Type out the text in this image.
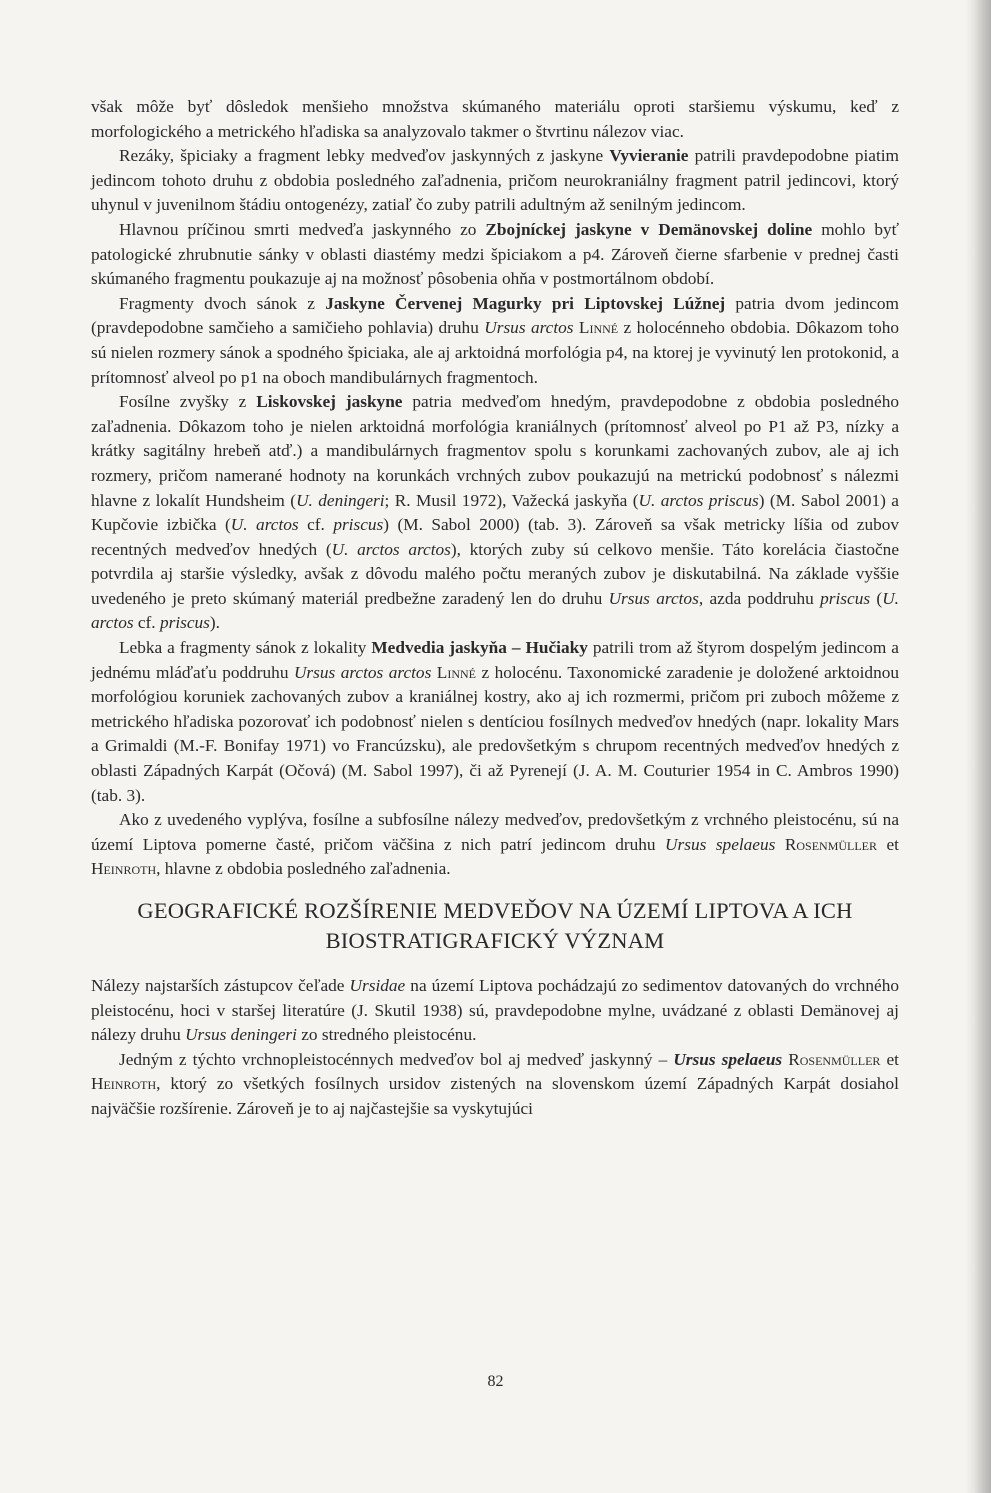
však môže byť dôsledok menšieho množstva skúmaného materiálu oproti staršiemu výskumu, keď z morfologického a metrického hľadiska sa analyzovalo takmer o štvrtinu nálezov viac.

Rezáky, špiciaky a fragment lebky medveďov jaskynných z jaskyne Vyvieranie patrili pravdepodobne piatim jedincom tohoto druhu z obdobia posledného zaľadnenia, pričom neurokraniálny fragment patril jedincovi, ktorý uhynul v juvenilnom štádiu ontogenézy, zatiaľ čo zuby patrili adultným až senilným jedincom.

Hlavnou príčinou smrti medveďa jaskynného zo Zbojníckej jaskyne v Demänovskej doline mohlo byť patologické zhrubnutie sánky v oblasti diastémy medzi špiciakom a p4. Zároveň čierne sfarbenie v prednej časti skúmaného fragmentu poukazuje aj na možnosť pôsobenia ohňa v postmortálnom období.

Fragmenty dvoch sánok z Jaskyne Červenej Magurky pri Liptovskej Lúžnej patria dvom jedincom (pravdepodobne samčieho a samičieho pohlavia) druhu Ursus arctos Linné z holocénneho obdobia. Dôkazom toho sú nielen rozmery sánok a spodného špiciaka, ale aj arktoidná morfológia p4, na ktorej je vyvinutý len protokonid, a prítomnosť alveol po p1 na oboch mandibulárnych fragmentoch.

Fosílne zvyšky z Liskovskej jaskyne patria medveďom hnedým, pravdepodobne z obdobia posledného zaľadnenia. Dôkazom toho je nielen arktoidná morfológia kraniálnych (prítomnosť alveol po P1 až P3, nízky a krátky sagitálny hrebeň atď.) a mandibulárnych fragmentov spolu s korunkami zachovaných zubov, ale aj ich rozmery, pričom namerané hodnoty na korunkách vrchných zubov poukazujú na metrickú podobnosť s nálezmi hlavne z lokalít Hundsheim (U. deningeri; R. Musil 1972), Važecká jaskyňa (U. arctos priscus) (M. Sabol 2001) a Kupčovie izbička (U. arctos cf. priscus) (M. Sabol 2000) (tab. 3). Zároveň sa však metricky líšia od zubov recentných medveďov hnedých (U. arctos arctos), ktorých zuby sú celkovo menšie. Táto korelácia čiastočne potvrdila aj staršie výsledky, avšak z dôvodu malého počtu meraných zubov je diskutabilná. Na základe vyššie uvedeného je preto skúmaný materiál predbežne zaradený len do druhu Ursus arctos, azda poddruhu priscus (U. arctos cf. priscus).

Lebka a fragmenty sánok z lokality Medvedia jaskyňa – Hučiaky patrili trom až štyrom dospelým jedincom a jednému mláďaťu poddruhu Ursus arctos arctos Linné z holocénu. Taxonomické zaradenie je doložené arktoidnou morfológiou koruniek zachovaných zubov a kraniálnej kostry, ako aj ich rozmermi, pričom pri zuboch môžeme z metrického hľadiska pozorovať ich podobnosť nielen s dentíciou fosílnych medveďov hnedých (napr. lokality Mars a Grimaldi (M.-F. Bonifay 1971) vo Francúzsku), ale predovšetkým s chrupom recentných medveďov hnedých z oblasti Západných Karpát (Očová) (M. Sabol 1997), či až Pyrenejí (J. A. M. Couturier 1954 in C. Ambros 1990) (tab. 3).

Ako z uvedeného vyplýva, fosílne a subfosílne nálezy medveďov, predovšetkým z vrchného pleistocénu, sú na území Liptova pomerne časté, pričom väčšina z nich patrí jedincom druhu Ursus spelaeus Rosenmüller et Heinroth, hlavne z obdobia posledného zaľadnenia.

GEOGRAFICKÉ ROZŠÍRENIE MEDVEĎOV NA ÚZEMÍ LIPTOVA A ICH
BIOSTRATIGRAFICKÝ VÝZNAM

Nálezy najstarších zástupcov čeľade Ursidae na území Liptova pochádzajú zo sedimentov datovaných do vrchného pleistocénu, hoci v staršej literatúre (J. Skutil 1938) sú, pravdepodobne mylne, uvádzané z oblasti Demänovej aj nálezy druhu Ursus deningeri zo stredného pleistocénu.

Jedným z týchto vrchnopleistocénnych medveďov bol aj medveď jaskynný – Ursus spelaeus Rosenmüller et Heinroth, ktorý zo všetkých fosílnych ursidov zistených na slovenskom území Západných Karpát dosiahol najväčšie rozšírenie. Zároveň je to aj najčastejšie sa vyskytujúci

82
